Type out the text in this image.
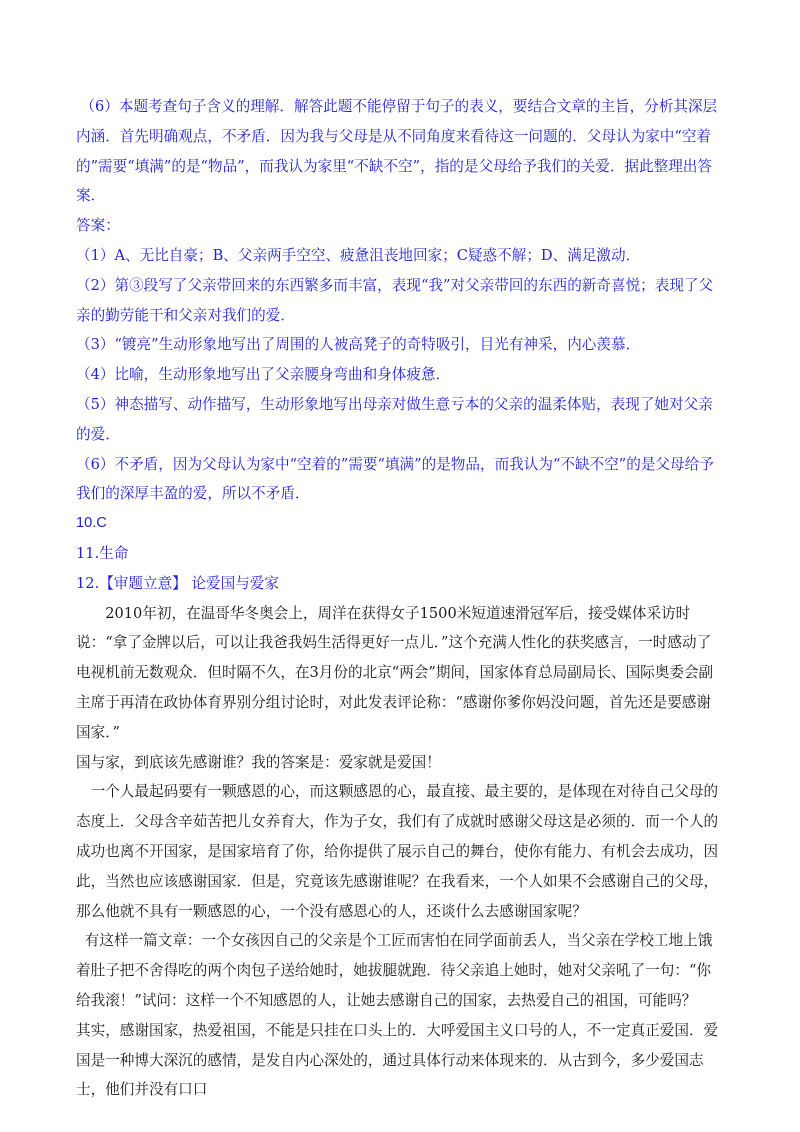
（6）本题考查句子含义的理解．解答此题不能停留于句子的表义，要结合文章的主旨，分析其深层内涵．首先明确观点，不矛盾．因为我与父母是从不同角度来看待这一问题的．父母认为家中“空着的”需要“填满”的是“物品”，而我认为家里“不缺不空”，指的是父母给予我们的关爱．据此整理出答案．

答案：

（1）A、无比自豪；B、父亲两手空空、疲惫沮丧地回家；C疑惑不解；D、满足激动．

（2）第③段写了父亲带回来的东西繁多而丰富，表现“我”对父亲带回的东西的新奇喜悦；表现了父亲的勤劳能干和父亲对我们的爱．

（3）“镀亮”生动形象地写出了周围的人被高凳子的奇特吸引，目光有神采，内心羡慕．

（4）比喻，生动形象地写出了父亲腰身弯曲和身体疲惫．

（5）神态描写、动作描写，生动形象地写出母亲对做生意亏本的父亲的温柔体贴，表现了她对父亲的爱．

（6）不矛盾，因为父母认为家中“空着的”需要“填满”的是物品，而我认为“不缺不空”的是父母给予我们的深厚丰盈的爱，所以不矛盾．

10.C

11.生命

12.【审题立意】 论爱国与爱家

2010年初，在温哥华冬奥会上，周洋在获得女子1500米短道速滑冠军后，接受媒体采访时说：“拿了金牌以后，可以让我爸我妈生活得更好一点儿．”这个充满人性化的获奖感言，一时感动了电视机前无数观众．但时隔不久，在3月份的北京“两会”期间，国家体育总局副局长、国际奥委会副主席于再清在政协体育界别分组讨论时，对此发表评论称：“感谢你爹你妈没问题，首先还是要感谢国家．”

国与家，到底该先感谢谁？我的答案是：爱家就是爱国！

一个人最起码要有一颗感恩的心，而这颗感恩的心，最直接、最主要的，是体现在对待自己父母的态度上．父母含辛茹苦把儿女养育大，作为子女，我们有了成就时感谢父母这是必须的．而一个人的成功也离不开国家，是国家培育了你，给你提供了展示自己的舞台，使你有能力、有机会去成功，因此，当然也应该感谢国家．但是，究竟该先感谢谁呢？在我看来，一个人如果不会感谢自己的父母，那么他就不具有一颗感恩的心，一个没有感恩心的人，还谈什么去感谢国家呢？

有这样一篇文章：一个女孩因自己的父亲是个工匠而害怕在同学面前丢人，当父亲在学校工地上饿着肚子把不舍得吃的两个肉包子送给她时，她拔腿就跑．待父亲追上她时，她对父亲吼了一句：“你给我滚！”试问：这样一个不知感恩的人，让她去感谢自己的国家，去热爱自己的祖国，可能吗？

其实，感谢国家，热爱祖国，不能是只挂在口头上的．大呼爱国主义口号的人，不一定真正爱国．爱国是一种博大深沉的感情，是发自内心深处的，通过具体行动来体现来的．从古到今，多少爱国志士，他们并没有口口
